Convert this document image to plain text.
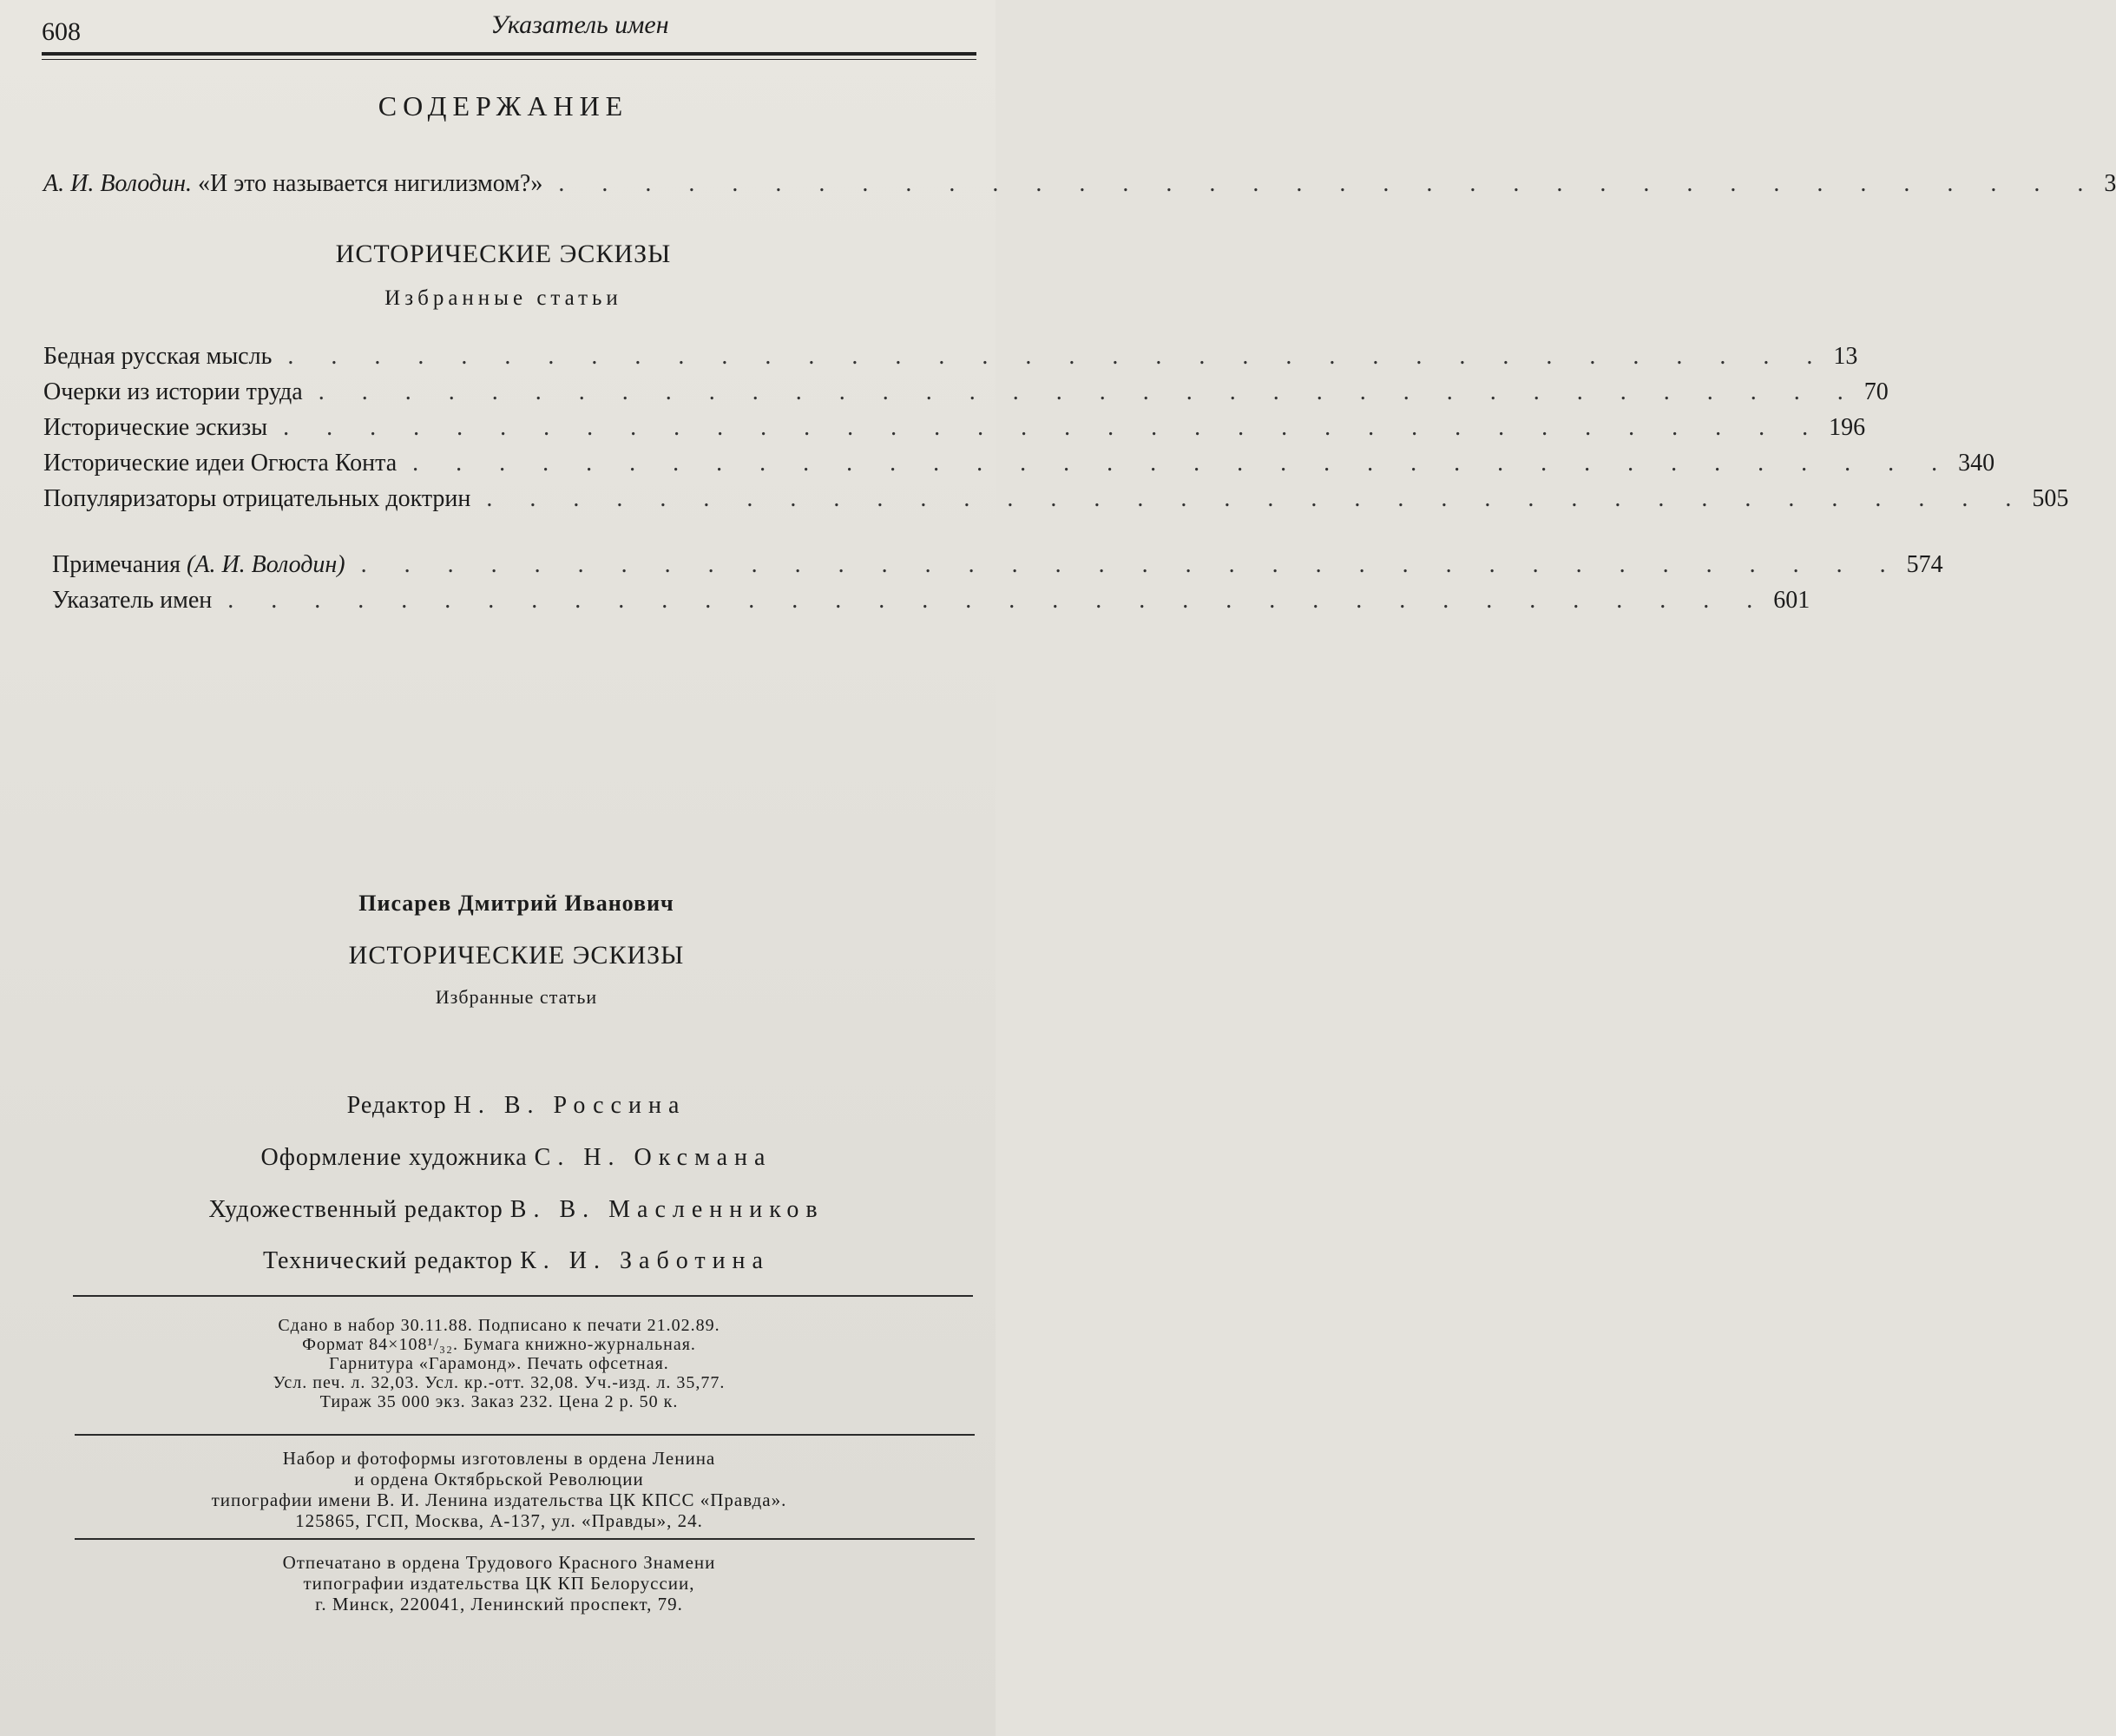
608	Указатель имен
СОДЕРЖАНИЕ
А. И. Володин. «И это называется нигилизмом?» . . . . . . . . . . . . . . . . . . . . . . . . . . . . . . . . . . . . 3
ИСТОРИЧЕСКИЕ ЭСКИЗЫ
Избранные статьи
Бедная русская мысль . . . . . . . . . . . . . . . . . . . . . . . . . . . . . . . . . . . . 13
Очерки из истории труда . . . . . . . . . . . . . . . . . . . . . . . . . . . . . . . . . . . . 70
Исторические эскизы . . . . . . . . . . . . . . . . . . . . . . . . . . . . . . . . . . . . 196
Исторические идеи Огюста Конта . . . . . . . . . . . . . . . . . . . . . . . . . . . . . . . . . . . . 340
Популяризаторы отрицательных доктрин . . . . . . . . . . . . . . . . . . . . . . . . . . . . . . . . . . . . 505
Примечания (А. И. Володин) . . . . . . . . . . . . . . . . . . . . . . . . . . . . . . . . . . . . 574
Указатель имен . . . . . . . . . . . . . . . . . . . . . . . . . . . . . . . . . . . . 601
Писарев Дмитрий Иванович
ИСТОРИЧЕСКИЕ ЭСКИЗЫ
Избранные статьи
Редактор Н. В. Россина
Оформление художника С. Н. Оксмана
Художественный редактор В. В. Масленников
Технический редактор К. И. Заботина
Сдано в набор 30.11.88. Подписано к печати 21.02.89.
Формат 84×108¹/₃₂. Бумага книжно-журнальная.
Гарнитура «Гарамонд». Печать офсетная.
Усл. печ. л. 32,03. Усл. кр.-отт. 32,08. Уч.-изд. л. 35,77.
Тираж 35 000 экз. Заказ 232. Цена 2 р. 50 к.
Набор и фотоформы изготовлены в ордена Ленина
и ордена Октябрьской Революции
типографии имени В. И. Ленина издательства ЦК КПСС «Правда».
125865, ГСП, Москва, А-137, ул. «Правды», 24.
Отпечатано в ордена Трудового Красного Знамени
типографии издательства ЦК КП Белоруссии,
г. Минск, 220041, Ленинский проспект, 79.
